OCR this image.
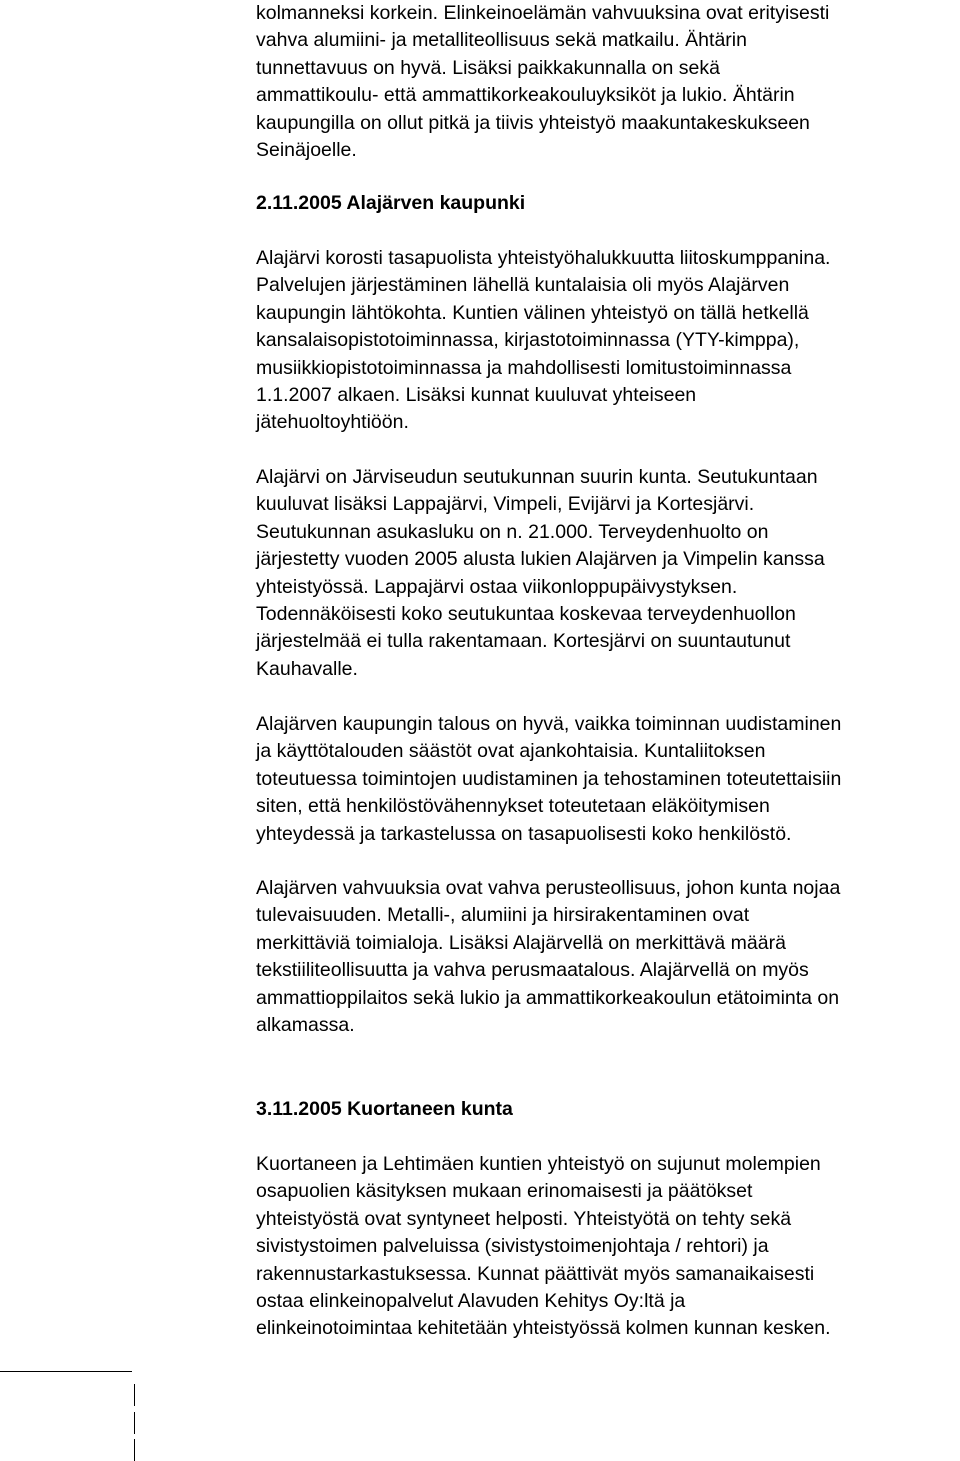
kolmanneksi korkein. Elinkeinoelämän vahvuuksina ovat erityisesti
vahva alumiini- ja metalliteollisuus sekä matkailu. Ähtärin
tunnettavuus on hyvä. Lisäksi paikkakunnalla on sekä
ammattikoulu- että ammattikorkeakouluyksiköt ja lukio. Ähtärin
kaupungilla on ollut pitkä ja tiivis yhteistyö maakuntakeskukseen
Seinäjoelle.
2.11.2005 Alajärven kaupunki
Alajärvi korosti tasapuolista yhteistyöhalukkuutta liitoskumppanina.
Palvelujen järjestäminen lähellä kuntalaisia oli myös Alajärven
kaupungin lähtökohta. Kuntien välinen yhteistyö on tällä hetkellä
kansalaisopistotoiminnassa, kirjastotoiminnassa (YTY-kimppa),
musiikkiopistotoiminnassa ja mahdollisesti lomitustoiminnassa
1.1.2007 alkaen. Lisäksi kunnat kuuluvat yhteiseen
jätehuoltoyhtiöön.
Alajärvi on Järviseudun seutukunnan suurin kunta. Seutukuntaan
kuuluvat lisäksi Lappajärvi, Vimpeli, Evijärvi ja Kortesjärvi.
Seutukunnan asukasluku on n. 21.000. Terveydenhuolto on
järjestetty vuoden 2005 alusta lukien Alajärven ja Vimpelin kanssa
yhteistyössä. Lappajärvi ostaa viikonloppupäivystyksen.
Todennäköisesti koko seutukuntaa koskevaa terveydenhuollon
järjestelmää ei tulla rakentamaan. Kortesjärvi on suuntautunut
Kauhavalle.
Alajärven kaupungin talous on hyvä, vaikka toiminnan uudistaminen
ja käyttötalouden säästöt ovat ajankohtaisia. Kuntaliitoksen
toteutuessa toimintojen uudistaminen ja tehostaminen toteutettaisiin
siten, että henkilöstövähennykset toteutetaan eläköitymisen
yhteydessä ja tarkastelussa on tasapuolisesti koko henkilöstö.
Alajärven vahvuuksia ovat vahva perusteollisuus, johon kunta nojaa
tulevaisuuden. Metalli-, alumiini ja hirsirakentaminen ovat
merkittäviä toimialoja. Lisäksi Alajärvellä on merkittävä määrä
tekstiiliteollisuutta ja vahva perusmaatalous. Alajärvellä on myös
ammattioppilaitos sekä lukio ja ammattikorkeakoulun etätoiminta on
alkamassa.
3.11.2005 Kuortaneen kunta
Kuortaneen ja Lehtimäen kuntien yhteistyö on sujunut molempien
osapuolien käsityksen mukaan erinomaisesti ja päätökset
yhteistyöstä ovat syntyneet helposti. Yhteistyötä on tehty sekä
sivistystoimen palveluissa (sivistystoimenjohtaja / rehtori) ja
rakennustarkastuksessa. Kunnat päättivät myös samanaikaisesti
ostaa elinkeinopalvelut Alavuden Kehitys Oy:ltä ja
elinkeinotoimintaa kehitetään yhteistyössä kolmen kunnan kesken.
